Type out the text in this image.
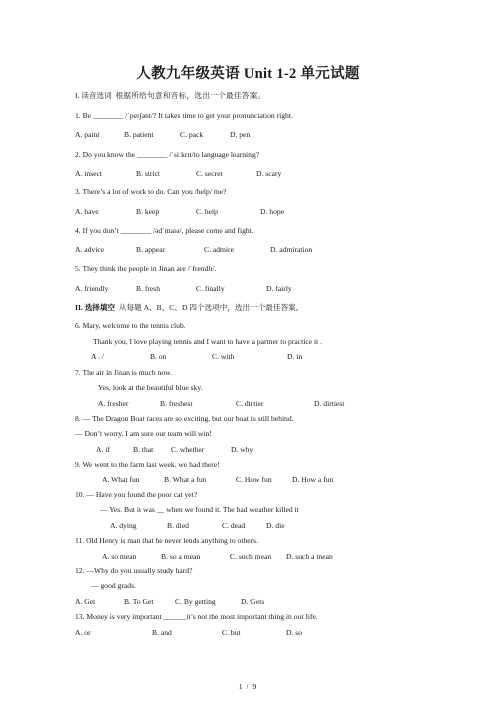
人教九年级英语 Unit 1-2 单元试题
I. 读音选词 根据所给句意和音标，选出一个最佳答案。
1. Be ________ /ˈpeɪʃənt/? It takes time to get your pronunciation right.
A. paint	B. patient	C. pack	D. pen
2. Do you know the ________ /ˈsiːkrɪt/to language learning?
A. insect	B. strict	C. secret	D. scary
3. There’s a lot of work to do. Can you /help/ me?
A. have	B. keep	C. help	D. hope
4. If you don’t ________ /ədˈmaɪə/, please come and fight.
A. advice	B. appear	C. admire	D. admiration
5. They think the people in Jinan are /ˈfrendlɪ/.
A. friendly	B. fresh	C. finally	D. fairly
II. 选择填空 从每题 A、B、C、D 四个选项中，选出一个最佳答案。
6. Mary, welcome to the tennis club.
Thank you, I love playing tennis and I want to have a partner to practice it .
A . /	B. on	C. with	D. in
7. The air in Jinan is much now.
Yes, look at the beautiful blue sky.
A. fresher	B. freshest	C. dirtier	D. dirtiest
8. — The Dragon Boat races are so exciting, but our boat is still behind.
— Don’t worry. I am sure our team will win!
A. if	B. that C. whether	D. why
9. We went to the farm last week. we had there!
A. What fun	B. What a fun	C. How fun	D. How a fun
10. — Have you found the poor cat yet?
— Yes. But it was __ when we found it. The bad weather killed it
A. dying	B. died	C. dead	D. die
11. Old Henry is man that he never lends anything to others.
A. so mean	B. so a mean	C. such mean D. such a mean
12. —Why do you usually study hard?
— good grads.
A. Get	B. To Get	C. By getting	D. Gets
13. Money is very important ______it’s not the most important thing in our life.
A. or	B. and	C. but	D. so
1 / 9
